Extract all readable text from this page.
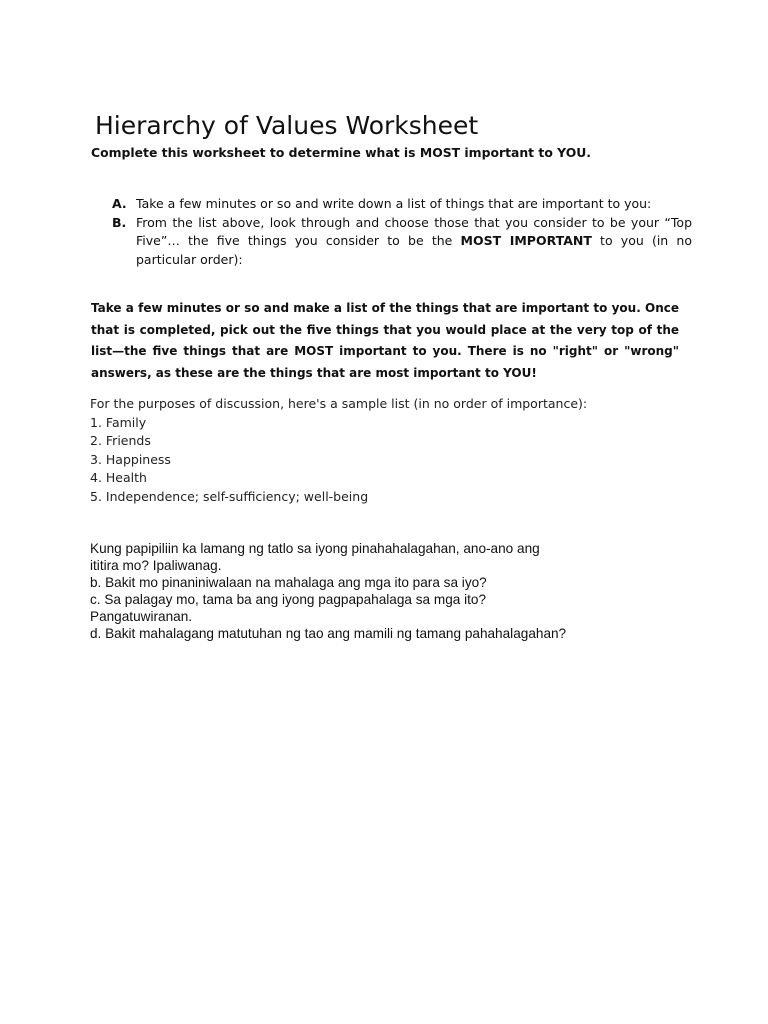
Hierarchy of Values Worksheet
Complete this worksheet to determine what is MOST important to YOU.
A. Take a few minutes or so and write down a list of things that are important to you:
B. From the list above, look through and choose those that you consider to be your “Top Five”… the five things you consider to be the MOST IMPORTANT to you (in no particular order):
Take a few minutes or so and make a list of the things that are important to you. Once that is completed, pick out the five things that you would place at the very top of the list—the five things that are MOST important to you. There is no "right" or "wrong" answers, as these are the things that are most important to YOU!
For the purposes of discussion, here's a sample list (in no order of importance):
1. Family
2. Friends
3. Happiness
4. Health
5. Independence; self-sufficiency; well-being
Kung papipiliin ka lamang ng tatlo sa iyong pinahahalagahan, ano-ano ang
ititira mo? Ipaliwanag.
b. Bakit mo pinaniniwalaan na mahalaga ang mga ito para sa iyo?
c. Sa palagay mo, tama ba ang iyong pagpapahalaga sa mga ito?
Pangatuwiranan.
d. Bakit mahalagang matutuhan ng tao ang mamili ng tamang pahahalagahan?
